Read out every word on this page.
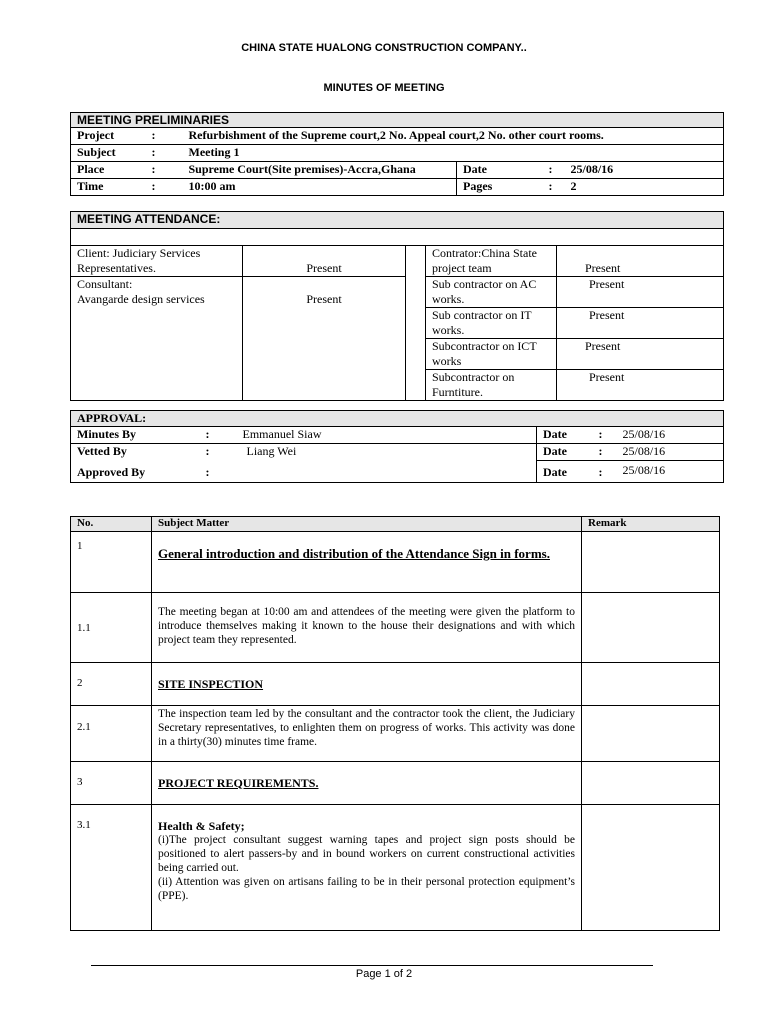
CHINA STATE HUALONG CONSTRUCTION COMPANY..
MINUTES OF MEETING
MEETING PRELIMINARIES					
Project	:	Refurbishment of the Supreme court,2 No. Appeal court,2 No. other court rooms.			
Subject	:	Meeting 1			
Place	:	Supreme Court(Site premises)-Accra,Ghana	Date	:	25/08/16
Time	:	10:00 am	Pages	:	2
MEETING ATTENDANCE:				

Client: Judiciary Services Representatives.	Present		Contrator:China State project team	Present

Consultant:
Avangarde design services	Present		Sub contractor on AC works.	Present
			Sub contractor on IT works.	Present
			Subcontractor on ICT works	Present
			Subcontractor on Furntiture.	Present
APPROVAL:					
Minutes By	:	Emmanuel Siaw	Date	:	25/08/16
Vetted By	:	Liang Wei	Date	:	25/08/16
Approved By	:		Date	:	25/08/16
No.	Subject Matter	Remark
1	General introduction and distribution of the Attendance Sign in forms.	
1.1	The meeting began at 10:00 am and attendees of the meeting were given the platform to introduce themselves making it known to the house their designations and with which project team they represented.	
2	SITE INSPECTION	
2.1	The inspection team led by the consultant and the contractor took the client, the Judiciary Secretary representatives, to enlighten them on progress of works. This activity was done in a thirty(30) minutes time frame.	
3	PROJECT REQUIREMENTS.	
3.1	Health & Safety;
(i)The project consultant suggest warning tapes and project sign posts should be positioned to alert passers-by and in bound workers on current constructional activities being carried out.
(ii) Attention was given on artisans failing to be in their personal protection equipment’s (PPE).	

Page 1 of 2
